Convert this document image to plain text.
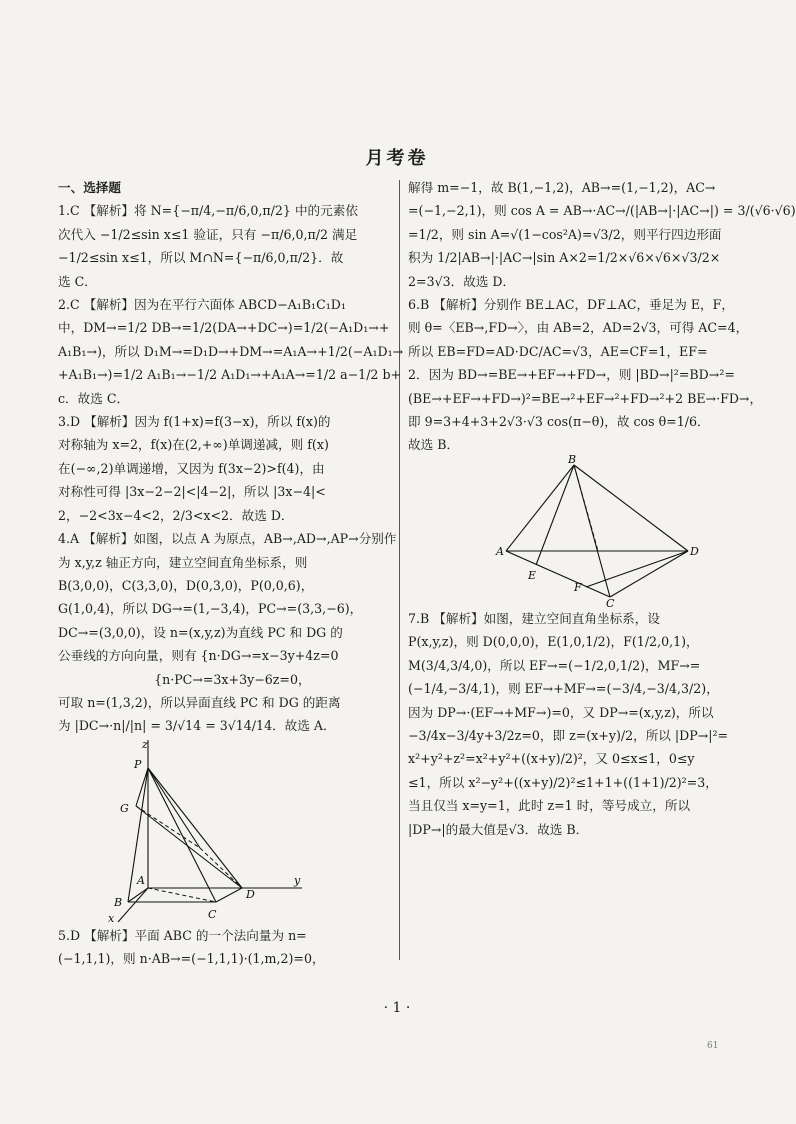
月考卷
一、选择题
1.C 【解析】将 N={−π/4,−π/6,0,π/2} 中的元素依
次代入 −1/2≤sin x≤1 验证，只有 −π/6,0,π/2 满足
−1/2≤sin x≤1，所以 M∩N={−π/6,0,π/2}．故
选 C．
2.C 【解析】因为在平行六面体 ABCD−A₁B₁C₁D₁
中，DM→=1/2 DB→=1/2(DA→+DC→)=1/2(−A₁D₁→+
A₁B₁→)，所以 D₁M→=D₁D→+DM→=A₁A→+1/2(−A₁D₁→
+A₁B₁→)=1/2 A₁B₁→−1/2 A₁D₁→+A₁A→=1/2 a−1/2 b+
c．故选 C．
3.D 【解析】因为 f(1+x)=f(3−x)，所以 f(x)的
对称轴为 x=2，f(x)在(2,+∞)单调递减，则 f(x)
在(−∞,2)单调递增，又因为 f(3x−2)>f(4)，由
对称性可得 |3x−2−2|<|4−2|，所以 |3x−4|<
2，−2<3x−4<2，2/3<x<2．故选 D．
4.A 【解析】如图，以点 A 为原点，AB→,AD→,AP→分别作
为 x,y,z 轴正方向，建立空间直角坐标系，则
B(3,0,0)，C(3,3,0)，D(0,3,0)，P(0,0,6)，
G(1,0,4)，所以 DG→=(1,−3,4)，PC→=(3,3,−6)，
DC→=(3,0,0)，设 n=(x,y,z)为直线 PC 和 DG 的
公垂线的方向向量，则有 {n·DG→=x−3y+4z=0
{n·PC→=3x+3y−6z=0，
可取 n=(1,3,2)，所以异面直线 PC 和 DG 的距离
为 |DC→·n|/|n| = 3/√14 = 3√14/14．故选 A．
z
P
G
A
B
C
D
x
y
5.D 【解析】平面 ABC 的一个法向量为 n=
(−1,1,1)，则 n·AB→=(−1,1,1)·(1,m,2)=0，
解得 m=−1，故 B(1,−1,2)，AB→=(1,−1,2)，AC→
=(−1,−2,1)，则 cos A = AB→·AC→/(|AB→|·|AC→|) = 3/(√6·√6)
=1/2，则 sin A=√(1−cos²A)=√3/2，则平行四边形面
积为 1/2|AB→|·|AC→|sin A×2=1/2×√6×√6×√3/2×
2=3√3．故选 D．
6.B 【解析】分别作 BE⊥AC，DF⊥AC，垂足为 E，F，
则 θ=〈EB→,FD→〉，由 AB=2，AD=2√3，可得 AC=4，
所以 EB=FD=AD·DC/AC=√3，AE=CF=1，EF=
2．因为 BD→=BE→+EF→+FD→，则 |BD→|²=BD→²=
(BE→+EF→+FD→)²=BE→²+EF→²+FD→²+2 BE→·FD→，
即 9=3+4+3+2√3·√3 cos(π−θ)，故 cos θ=1/6．
故选 B．
B
A
E
F
C
D
7.B 【解析】如图，建立空间直角坐标系，设
P(x,y,z)，则 D(0,0,0)，E(1,0,1/2)，F(1/2,0,1)，
M(3/4,3/4,0)，所以 EF→=(−1/2,0,1/2)，MF→=
(−1/4,−3/4,1)，则 EF→+MF→=(−3/4,−3/4,3/2)，
因为 DP→·(EF→+MF→)=0，又 DP→=(x,y,z)，所以
−3/4x−3/4y+3/2z=0，即 z=(x+y)/2，所以 |DP→|²=
x²+y²+z²=x²+y²+((x+y)/2)²，又 0≤x≤1，0≤y
≤1，所以 x²−y²+((x+y)/2)²≤1+1+((1+1)/2)²=3，
当且仅当 x=y=1，此时 z=1 时，等号成立，所以
|DP→|的最大值是√3．故选 B．
· 1 ·
61
